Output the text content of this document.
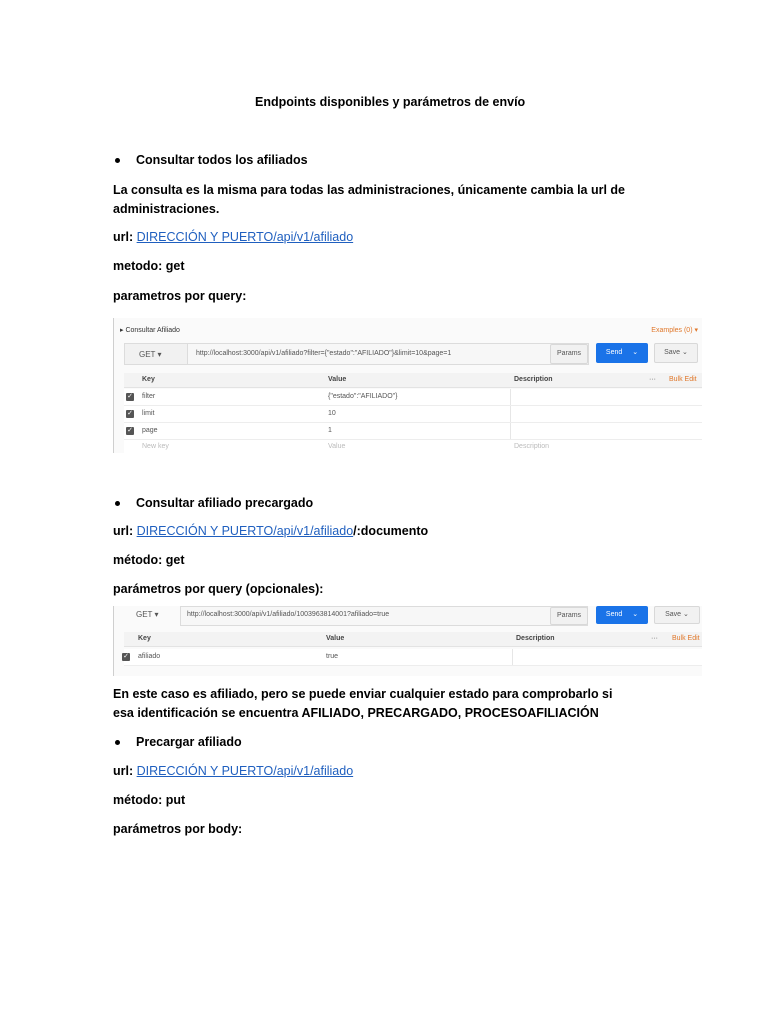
Endpoints disponibles y parámetros de envío
Consultar todos los afiliados
La consulta es la misma para todas las administraciones, únicamente cambia la url de administraciones.
url: DIRECCIÓN Y PUERTO/api/v1/afiliado
metodo: get
parametros por query:
▸ Consultar Afiliado	Examples (0) ▾
GET ▾	http://localhost:3000/api/v1/afiliado?filter={"estado":"AFILIADO"}&limit=10&page=1	Params	Send ⌄	Save ⌄
Key	Value	Description	··· Bulk Edit
✓ filter	{"estado":"AFILIADO"}
✓ limit	10
✓ page	1
New key	Value	Description
Consultar afiliado precargado
url: DIRECCIÓN Y PUERTO/api/v1/afiliado/:documento
método: get
parámetros por query (opcionales):
GET ▾	http://localhost:3000/api/v1/afiliado/1003963814001?afiliado=true	Params	Send ⌄	Save ⌄
Key	Value	Description	··· Bulk Edit
✓ afiliado	true
En este caso es afiliado, pero se puede enviar cualquier estado para comprobarlo si esa identificación se encuentra AFILIADO, PRECARGADO, PROCESOAFILIACIÓN
Precargar afiliado
url: DIRECCIÓN Y PUERTO/api/v1/afiliado
método: put
parámetros por body:
